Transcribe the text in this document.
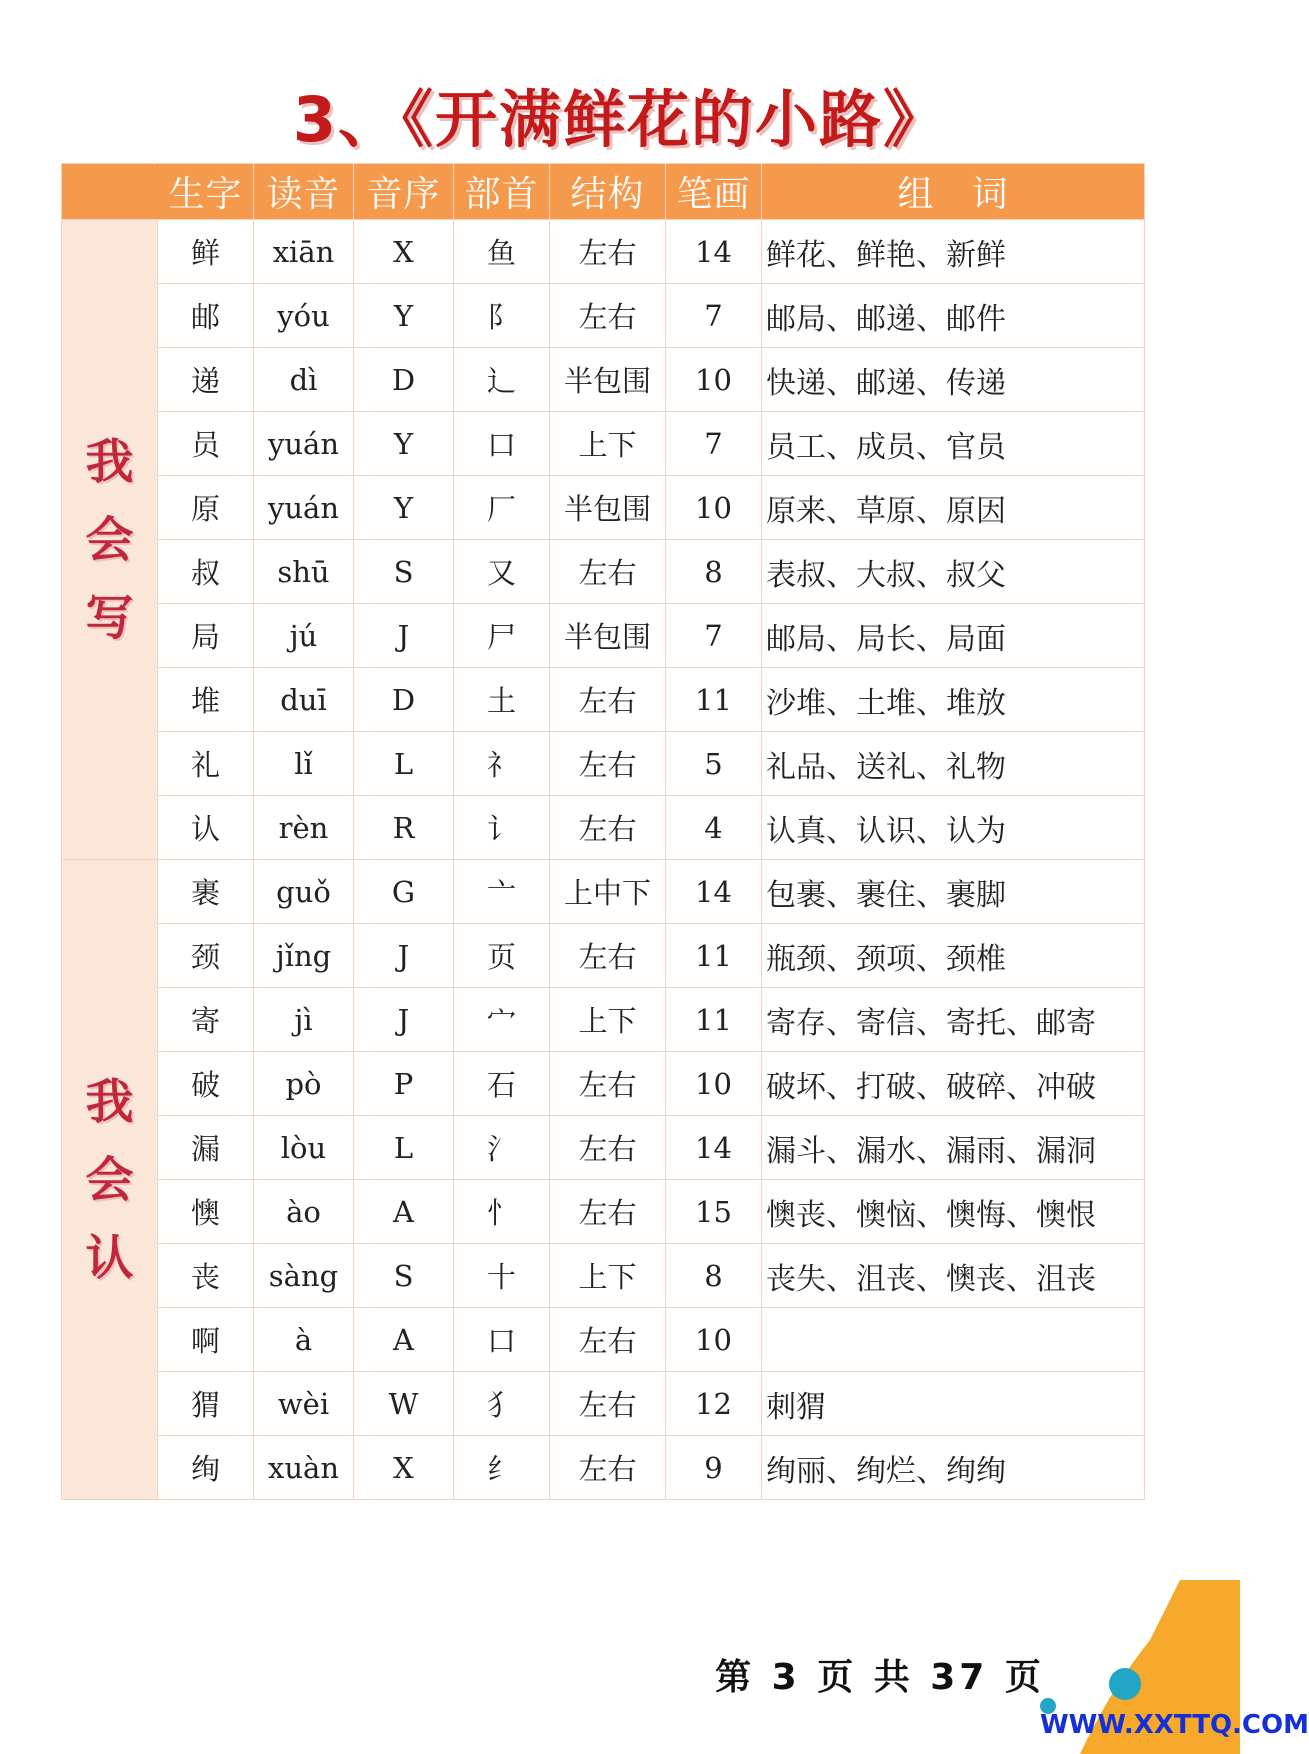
3、《开满鲜花的小路》
	生字	读音	音序	部首	结构	笔画	组　词

我会写	鲜	xiān	X	鱼	左右	14	鲜花、鲜艳、新鲜
	邮	yóu	Y	阝	左右	7	邮局、邮递、邮件
	递	dì	D	辶	半包围	10	快递、邮递、传递
	员	yuán	Y	口	上下	7	员工、成员、官员
	原	yuán	Y	厂	半包围	10	原来、草原、原因
	叔	shū	S	又	左右	8	表叔、大叔、叔父
	局	jú	J	尸	半包围	7	邮局、局长、局面
	堆	duī	D	土	左右	11	沙堆、土堆、堆放
	礼	lǐ	L	礻	左右	5	礼品、送礼、礼物
	认	rèn	R	讠	左右	4	认真、认识、认为

我会认	裹	guǒ	G	亠	上中下	14	包裹、裹住、裹脚
	颈	jǐng	J	页	左右	11	瓶颈、颈项、颈椎
	寄	jì	J	宀	上下	11	寄存、寄信、寄托、邮寄
	破	pò	P	石	左右	10	破坏、打破、破碎、冲破
	漏	lòu	L	氵	左右	14	漏斗、漏水、漏雨、漏洞
	懊	ào	A	忄	左右	15	懊丧、懊恼、懊悔、懊恨
	丧	sàng	S	十	上下	8	丧失、沮丧、懊丧、沮丧
	啊	à	A	口	左右	10	
	猬	wèi	W	犭	左右	12	刺猬
	绚	xuàn	X	纟	左右	9	绚丽、绚烂、绚绚
第 3 页 共 37 页
WWW.XXTTQ.COM
